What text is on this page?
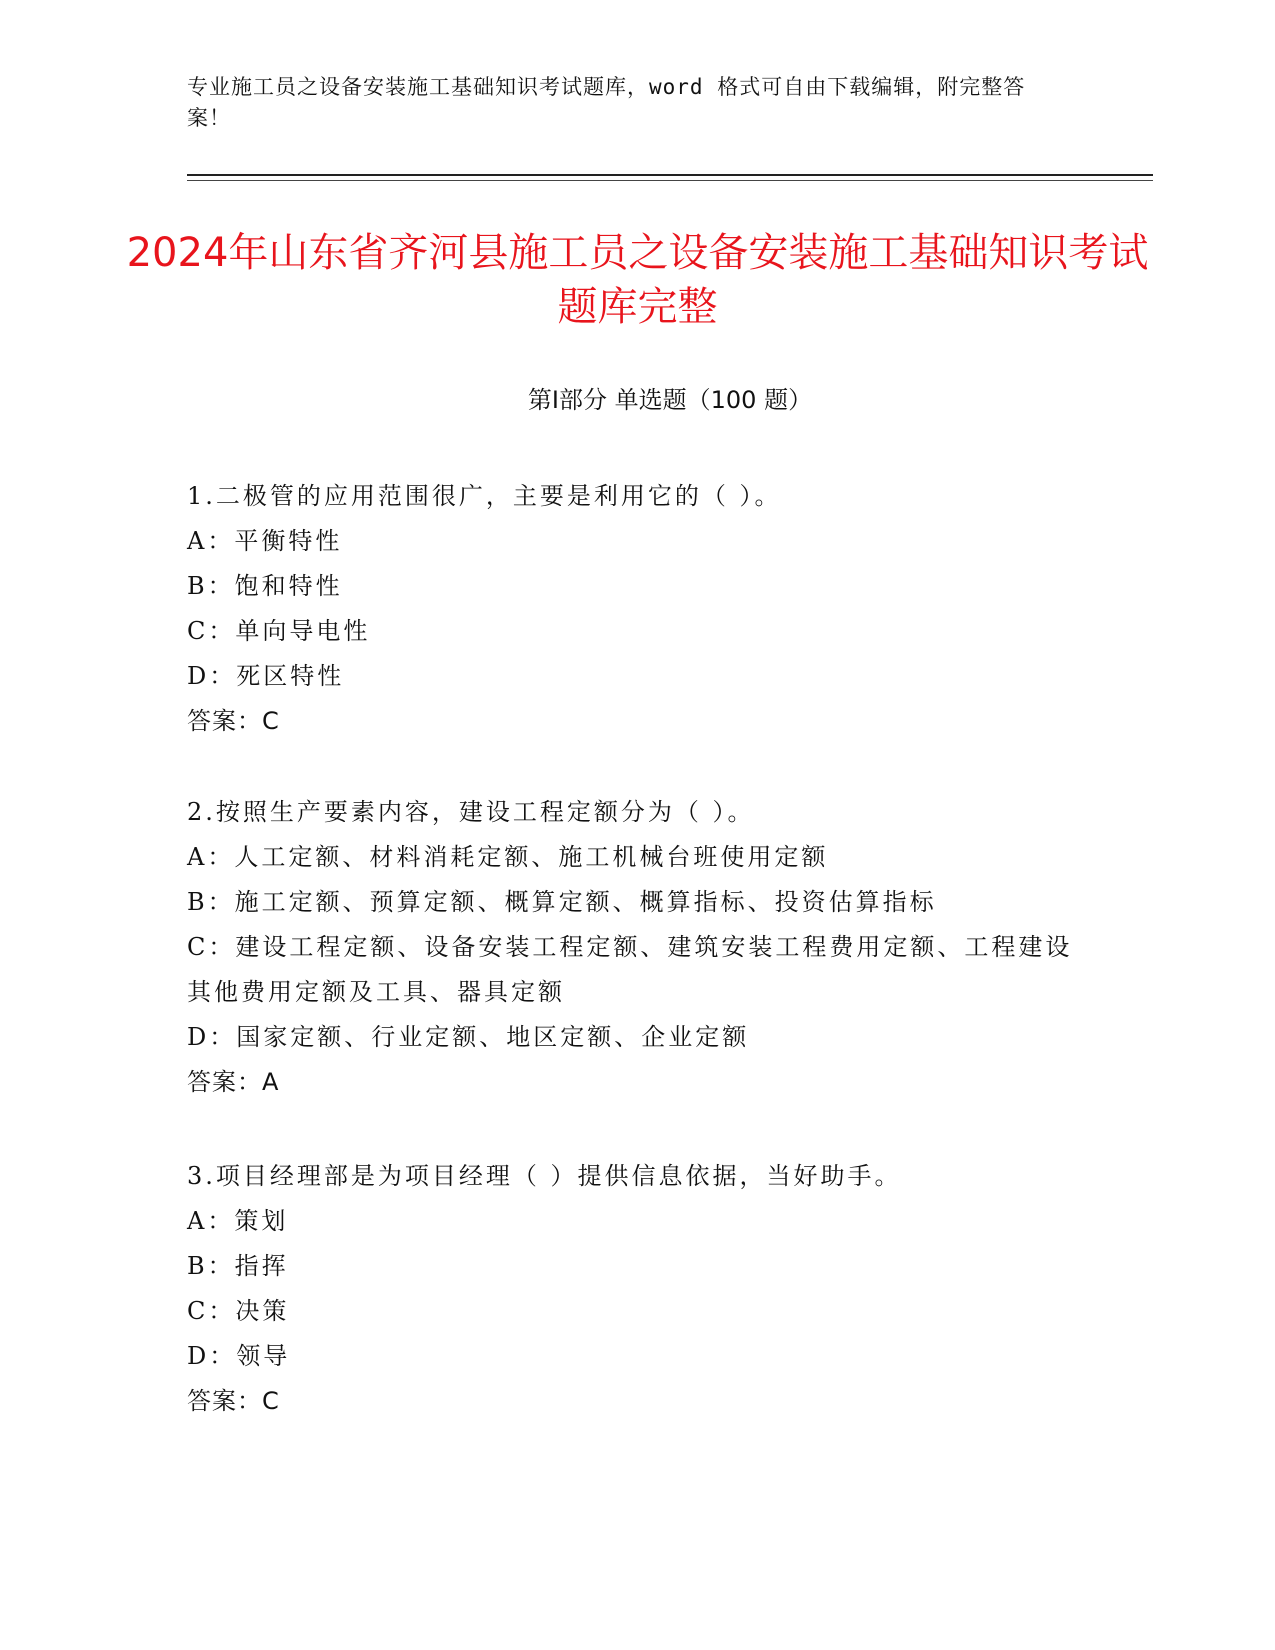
专业施工员之设备安装施工基础知识考试题库，word 格式可自由下载编辑，附完整答案！
2024年山东省齐河县施工员之设备安装施工基础知识考试题库完整
第Ⅰ部分 单选题（100 题）
1.二极管的应用范围很广，主要是利用它的（ ）。
A：平衡特性
B：饱和特性
C：单向导电性
D：死区特性
答案：C
2.按照生产要素内容，建设工程定额分为（ ）。
A：人工定额、材料消耗定额、施工机械台班使用定额
B：施工定额、预算定额、概算定额、概算指标、投资估算指标
C：建设工程定额、设备安装工程定额、建筑安装工程费用定额、工程建设其他费用定额及工具、器具定额
D：国家定额、行业定额、地区定额、企业定额
答案：A
3.项目经理部是为项目经理（ ）提供信息依据，当好助手。
A：策划
B：指挥
C：决策
D：领导
答案：C
